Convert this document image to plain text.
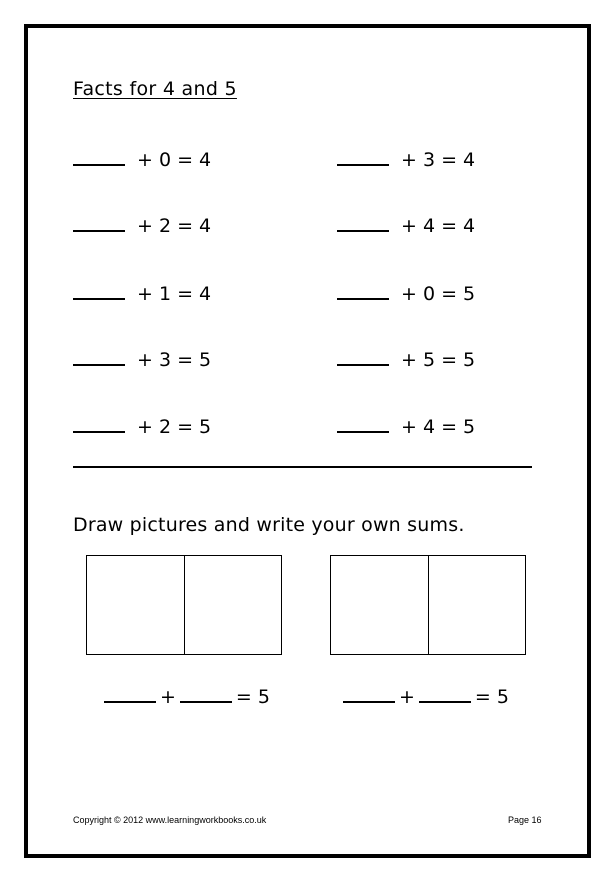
Facts for 4 and 5
+ 0 = 4
+ 2 = 4
+ 1 = 4
+ 3 = 5
+ 2 = 5
+ 3 = 4
+ 4 = 4
+ 0 = 5
+ 5 = 5
+ 4 = 5
Draw pictures and write your own sums.
+	= 5	+	= 5
Copyright © 2012 www.learningworkbooks.co.uk	Page 16
